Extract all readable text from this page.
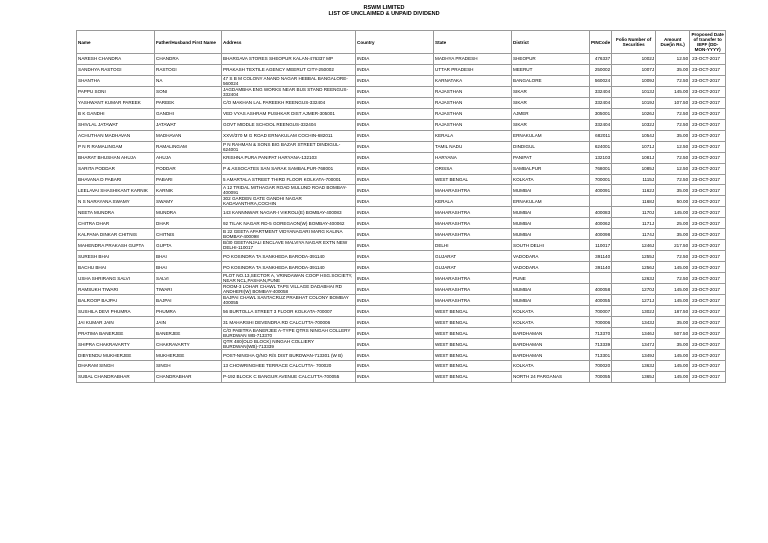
RSWM LIMITED
LIST OF UNCLAIMED & UNPAID DIVIDEND
Name	Father/Husband First Name	Address	Country	State	District	PINCode	Folio Number of Securities	Amount Due(in Rs.)	Proposed Date of transfer to IEPF (DD-MON-YYYY)
NARESH CHANDRA	CHANDRA	BHARGAVA STORES SHEOPUR KALAN-476337 MP	INDIA	MADHYA PRADESH	SHEOPUR	476337	1002J	12.50	23-OCT-2017
SANDHYA RASTOGI	RASTOGI	PRAKASH TEXTILE AGENCY MEERUT CITY-250002	INDIA	UTTAR PRADESH	MEERUT	250002	1007J	35.00	23-OCT-2017
SHANTHA	NA	47 S B M COLONY ANAND NAGAR HEBBAL BANGALORE-560024	INDIA	KARNATAKA	BANGALORE	560024	1009J	72.50	23-OCT-2017
PAPPU SONI	SONI	JAGDAMBHA ENG WORKS NEAR BUS STAND REENGUS-332404	INDIA	RAJASTHAN	SIKAR	332404	1013J	145.00	23-OCT-2017
YASHWANT KUMAR PAREEK	PAREEK	C/O MAKHAN LAL PAREEKH REENGUS-332404	INDIA	RAJASTHAN	SIKAR	332404	1019J	107.50	23-OCT-2017
B K GANDHI	GANDHI	VED VYAS ASHRAM PUSHKAR DIST AJMER-305001	INDIA	RAJASTHAN	AJMER	305001	1026J	72.50	23-OCT-2017
SHIVLAL JATAWAT	JATAWAT	GOVT MIDDLE SCHOOL REENGUS-332404	INDIA	RAJASTHAN	SIKAR	332404	1032J	72.50	23-OCT-2017
ACHUTHAN MADHAVAN	MADHAVAN	XXVI/370 M G ROAD ERNAKULAM COCHIN-682011	INDIA	KERALA	ERNAKULAM	682011	1054J	35.00	23-OCT-2017
P N R RAMALINGAM	RAMALINGAM	P N RAHMAN & SONS BIG BAZAR STREET DINDIGUL-624001	INDIA	TAMIL NADU	DINDIGUL	624001	1071J	12.50	23-OCT-2017
BHARAT BHUSHAN AHUJA	AHUJA	KRISHNA PURA PANIPAT HARYANA-132103	INDIA	HARYANA	PANIPAT	132103	1081J	72.50	23-OCT-2017
SARITA PODDAR	PODDAR	P & ASSOCATES SAN SARAK SAMBALPUR-768001	INDIA	ORISSA	SAMBALPUR	768001	1085J	12.50	23-OCT-2017
BHAVANA D PABARI	PABARI	5 AMARTALA STREET THIRD FLOOR KOLKATA-700001	INDIA	WEST BENGAL	KOLKATA	700001	1115J	72.50	23-OCT-2017
LEELAVAI SHASHIKANT KARNIK	KARNIK	A 12 TRIDAL MITHAGAR ROAD MULUND ROAD BOMBAY-400091	INDIA	MAHARASHTRA	MUMBAI	400091	1162J	35.00	23-OCT-2017
N S NARAYANA SWAMY	SWAMY	302 GARDEN GATE GANDHI NAGAR KADAVANTHRA,COCHIN	INDIA	KERALA	ERNAKULAM		1168J	50.00	23-OCT-2017
NEETA MUNDRA	MUNDRA	143 KANNNWAR NAGAR-I VIKROLI(E) BOMBAY-400083	INDIA	MAHARASHTRA	MUMBAI	400083	1170J	145.00	23-OCT-2017
CHITRA DHAR	DHAR	92 TILAK NAGAR RD-5 GOREGAON(W) BOMBAY-400062	INDIA	MAHARASHTRA	MUMBAI	400062	1171J	25.00	23-OCT-2017
KALPANA DINKAR CHITNIS	CHITNIS	B 22 GEETA APARTMENT VIDYANAGARI MARG KALINA BOMBAY-400098	INDIA	MAHARASHTRA	MUMBAI	400098	1174J	35.00	23-OCT-2017
MAHENDRA PRAKASH GUPTA	GUPTA	B/30 GEETANJALI ENCLAVE MALVIYA NAGAR EXTN NEW DELHI-110017	INDIA	DELHI	SOUTH DELHI	110017	1246J	217.50	23-OCT-2017
SURESH BHAI	BHAI	PO KOSINDRA TA SANKHEDA BARODA-391140	INDIA	GUJARAT	VADODARA	391140	1255J	72.50	23-OCT-2017
BACHU BHAI	BHAI	PO KOSINDRA TA SANKHEDA BARODA-391140	INDIA	GUJARAT	VADODARA	391140	1256J	145.00	23-OCT-2017
USHA SHRIRANG SALVI	SALVI	PLOT NO.13,SECTOR A, VRINDAWAN COOP HSG.SOCIETY, NEAR NCL,PASHAN,PUNE	INDIA	MAHARASHTRA	PUNE		1263J	72.50	23-OCT-2017
RAMSUKH TIWARI	TIWARI	ROOM-3 LOHAR CHAWL TAPS VILLAGE DADABHAI RD ANDHERI(W) BOMBAY-400058	INDIA	MAHARASHTRA	MUMBAI	400058	1270J	145.00	23-OCT-2017
BALROOP BAJPAI	BAJPAI	BAJPAI CHAWL SANTACRUZ PRABHAT COLONY BOMBAY 400055	INDIA	MAHARASHTRA	MUMBAI	400055	1271J	145.00	23-OCT-2017
SUSHILA DEVI PHUMRA	PHUMRA	56 BURTOLLA STREET 3 FLOOR KOLKATA-700007	INDIA	WEST BENGAL	KOLKATA	700007	1302J	187.50	23-OCT-2017
JAI KUMAR JAIN	JAIN	31 MAHARSHI DEVENDRA RD CALCUTTA-700006	INDIA	WEST BENGAL	KOLKATA	700006	1343J	35.00	23-OCT-2017
PRATIMA BANERJEE	BANERJEE	C/O PABITRA BANERJEE A-TYPE QTRS NINGAH COLLERY BURDWAN WB-713370	INDIA	WEST BENGAL	BARDHAMAN	713370	1346J	507.50	23-OCT-2017
SHIPRA CHAKRAVARTY	CHAKRAVARTY	QTR 480(OLD BLOCK) NINGAH COLLIERY BURDWAN(WB)-713339	INDIA	WEST BENGAL	BARDHAMAN	713339	1347J	35.00	23-OCT-2017
DIBYENDU MUKHERJEE	MUKHERJEE	POST-NINGHA Q/NO R/S DIST BURDWAN-713301 (W B)	INDIA	WEST BENGAL	BARDHAMAN	713301	1349J	145.00	23-OCT-2017
DHARAM SINGH	SINGH	13 CHOWRINGHEE TERRACE CALCUTTA- 700020	INDIA	WEST BENGAL	KOLKATA	700020	1363J	145.00	23-OCT-2017
SUBAL CHANDRABHAR	CHANDRABHAR	P-192 BLOCK C BANGUR AVENUE CALCUTTA-700055	INDIA	WEST BENGAL	NORTH 24 PARGANAS	700055	1365J	145.00	23-OCT-2017
